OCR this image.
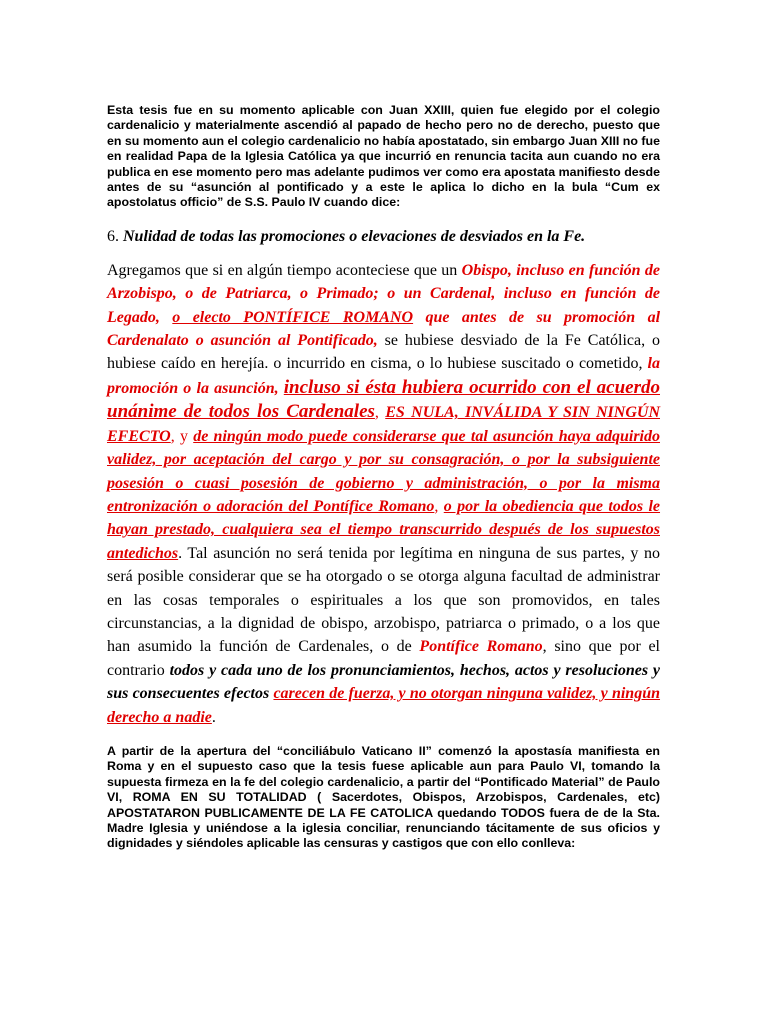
Esta tesis fue en su momento aplicable con Juan XXIII, quien fue elegido por el colegio cardenalicio y materialmente ascendió al papado de hecho pero no de derecho, puesto que en su momento aun el colegio cardenalicio no había apostatado, sin embargo Juan XIII no fue en realidad Papa de la Iglesia Católica ya que incurrió en renuncia tacita aun cuando no era publica en ese momento pero mas adelante pudimos ver como era apostata manifiesto desde antes de su “asunción al pontificado y a este le aplica lo dicho en la bula “Cum ex apostolatus officio” de S.S. Paulo IV cuando dice:

6. Nulidad de todas las promociones o elevaciones de desviados en la Fe.

Agregamos que si en algún tiempo aconteciese que un Obispo, incluso en función de Arzobispo, o de Patriarca, o Primado; o un Cardenal, incluso en función de Legado, o electo PONTÍFICE ROMANO que antes de su promoción al Cardenalato o asunción al Pontificado, se hubiese desviado de la Fe Católica, o hubiese caído en herejía. o incurrido en cisma, o lo hubiese suscitado o cometido, la promoción o la asunción, incluso si ésta hubiera ocurrido con el acuerdo unánime de todos los Cardenales, ES NULA, INVÁLIDA Y SIN NINGÚN EFECTO, y de ningún modo puede considerarse que tal asunción haya adquirido validez, por aceptación del cargo y por su consagración, o por la subsiguiente posesión o cuasi posesión de gobierno y administración, o por la misma entronización o adoración del Pontífice Romano, o por la obediencia que todos le hayan prestado, cualquiera sea el tiempo transcurrido después de los supuestos antedichos. Tal asunción no será tenida por legítima en ninguna de sus partes, y no será posible considerar que se ha otorgado o se otorga alguna facultad de administrar en las cosas temporales o espirituales a los que son promovidos, en tales circunstancias, a la dignidad de obispo, arzobispo, patriarca o primado, o a los que han asumido la función de Cardenales, o de Pontífice Romano, sino que por el contrario todos y cada uno de los pronunciamientos, hechos, actos y resoluciones y sus consecuentes efectos carecen de fuerza, y no otorgan ninguna validez, y ningún derecho a nadie.

A partir de la apertura del “conciliábulo Vaticano II” comenzó la apostasía manifiesta en Roma y en el supuesto caso que la tesis fuese aplicable aun para Paulo VI, tomando la supuesta firmeza en la fe del colegio cardenalicio, a partir del “Pontificado Material” de Paulo VI, ROMA EN SU TOTALIDAD ( Sacerdotes, Obispos, Arzobispos, Cardenales, etc) APOSTATARON PUBLICAMENTE DE LA FE CATOLICA quedando TODOS fuera de de la Sta. Madre Iglesia y uniéndose a la iglesia conciliar, renunciando tácitamente de sus oficios y dignidades y siéndoles aplicable las censuras y castigos que con ello conlleva:
